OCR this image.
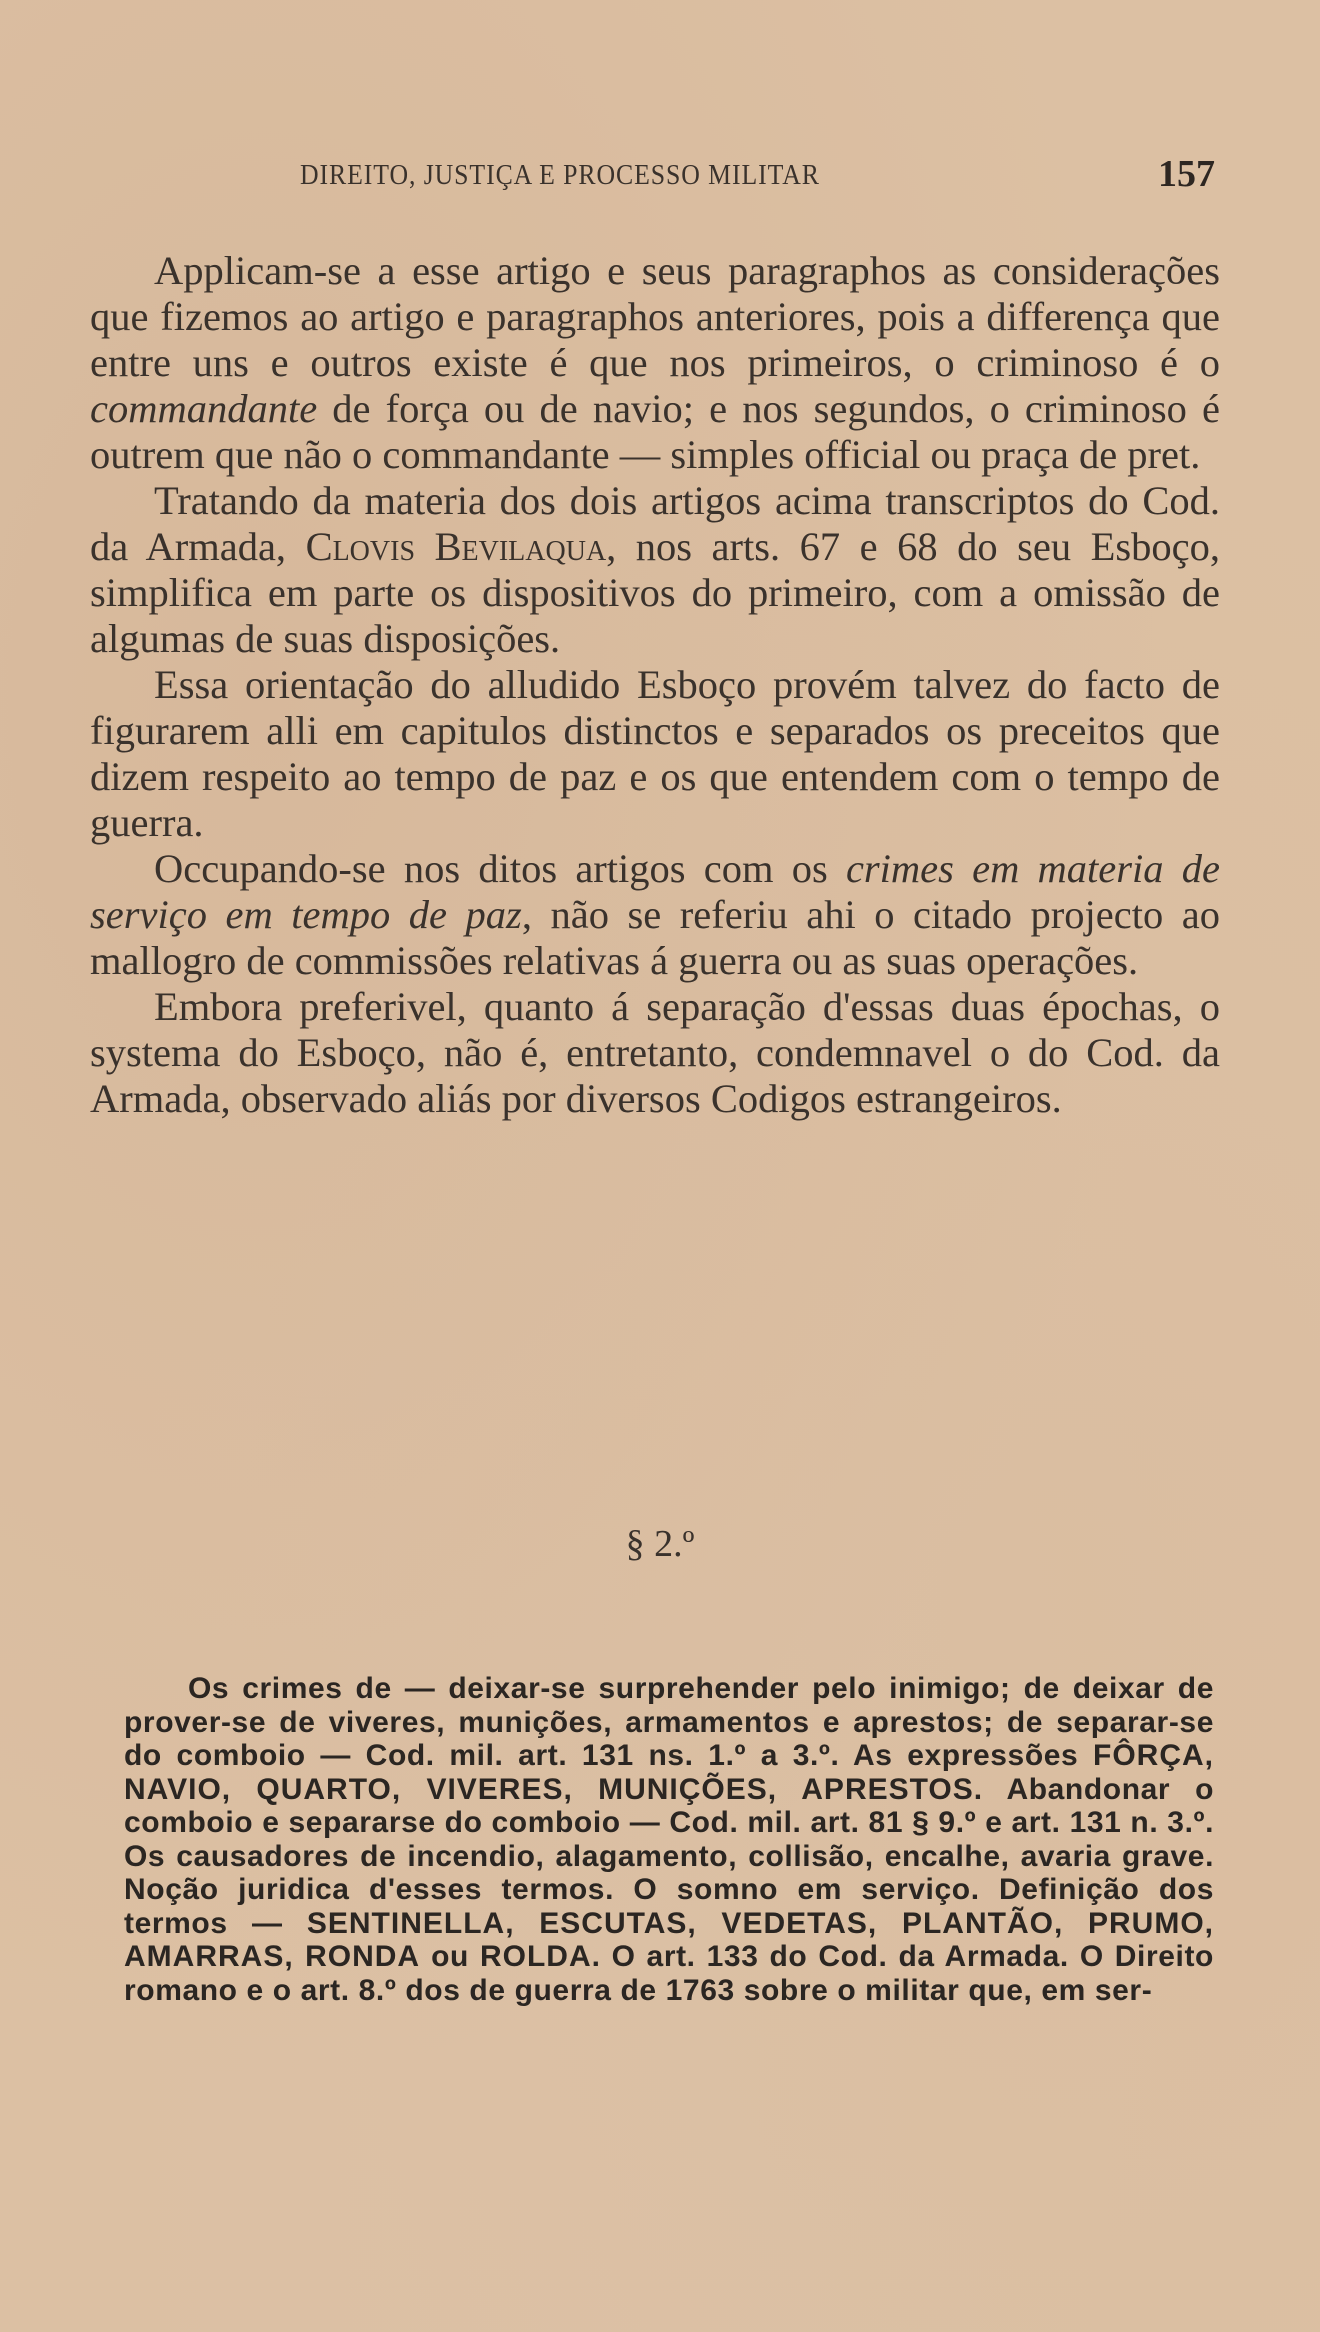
DIREITO, JUSTIÇA E PROCESSO MILITAR	157

Applicam-se a esse artigo e seus paragraphos as considerações que fizemos ao artigo e paragraphos anteriores, pois a differença que entre uns e outros existe é que nos primeiros, o criminoso é o commandante de força ou de navio; e nos segundos, o criminoso é outrem que não o commandante — simples official ou praça de pret.

Tratando da materia dos dois artigos acima transcriptos do Cod. da Armada, Clovis Bevilaqua, nos arts. 67 e 68 do seu Esboço, simplifica em parte os dispositivos do primeiro, com a omissão de algumas de suas disposições.

Essa orientação do alludido Esboço provém talvez do facto de figurarem alli em capitulos distinctos e separados os preceitos que dizem respeito ao tempo de paz e os que entendem com o tempo de guerra.

Occupando-se nos ditos artigos com os crimes em materia de serviço em tempo de paz, não se referiu ahi o citado projecto ao mallogro de commissões relativas á guerra ou as suas operações.

Embora preferivel, quanto á separação d'essas duas épochas, o systema do Esboço, não é, entretanto, condemnavel o do Cod. da Armada, observado aliás por diversos Codigos estrangeiros.

§ 2.º

Os crimes de — deixar-se surprehender pelo inimigo; de deixar de prover-se de viveres, munições, armamentos e aprestos; de separar-se do comboio — Cod. mil. art. 131 ns. 1.º a 3.º. As expressões FÔRÇA, NAVIO, QUARTO, VIVERES, MUNIÇÕES, APRESTOS. Abandonar o comboio e separarse do comboio — Cod. mil. art. 81 § 9.º e art. 131 n. 3.º. Os causadores de incendio, alagamento, collisão, encalhe, avaria grave. Noção juridica d'esses termos. O somno em serviço. Definição dos termos — SENTINELLA, ESCUTAS, VEDETAS, PLANTÃO, PRUMO, AMARRAS, RONDA ou ROLDA. O art. 133 do Cod. da Armada. O Direito romano e o art. 8.º dos de guerra de 1763 sobre o militar que, em ser-
